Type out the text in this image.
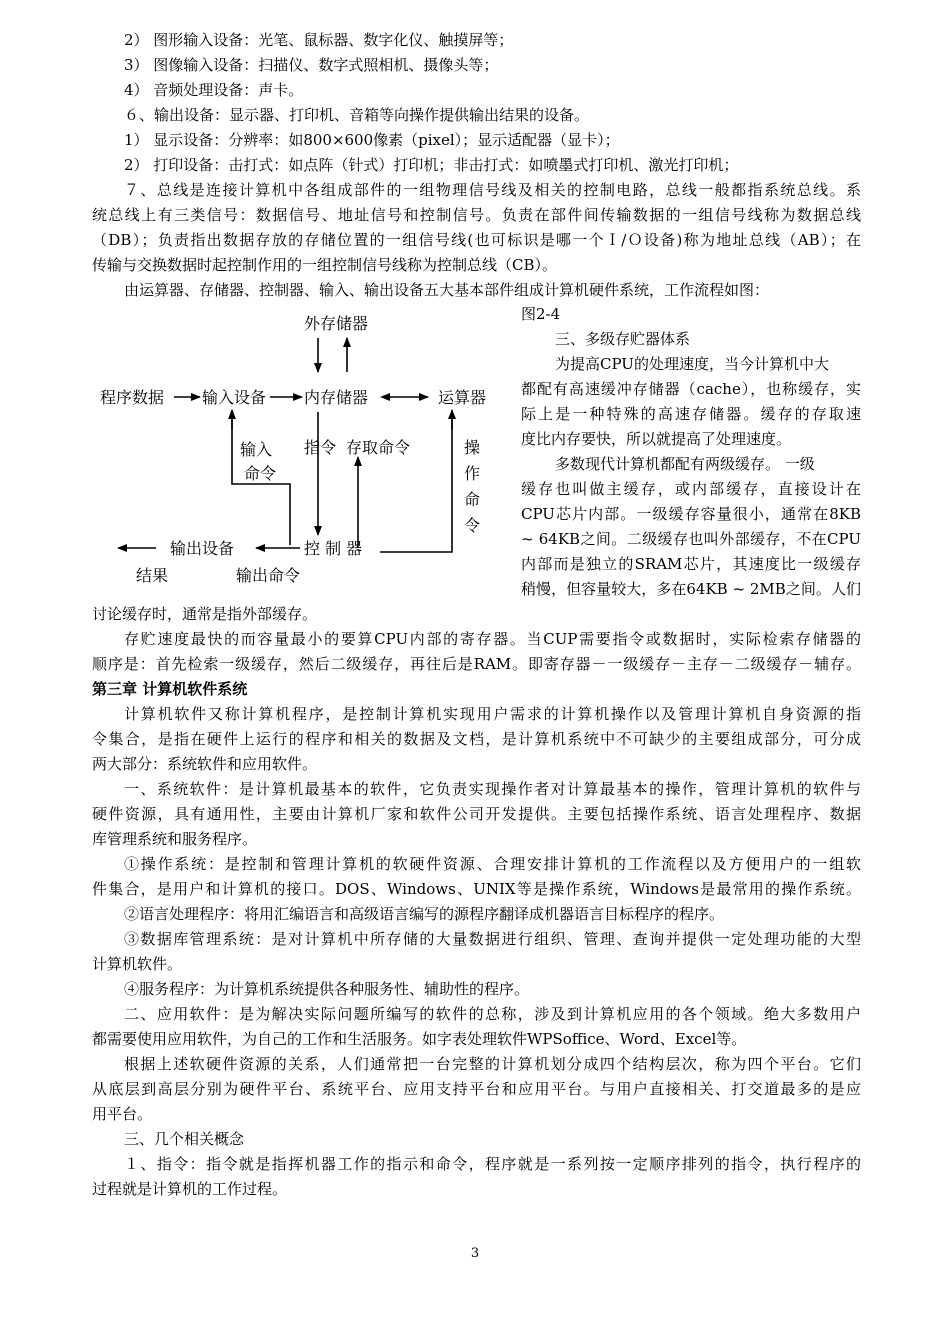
2） 图形输入设备：光笔、鼠标器、数字化仪、触摸屏等；
3） 图像输入设备：扫描仪、数字式照相机、摄像头等；
4） 音频处理设备：声卡。
６、输出设备：显示器、打印机、音箱等向操作提供输出结果的设备。
1） 显示设备：分辨率：如800×600像素（pixel）；显示适配器（显卡）；
2） 打印设备：击打式：如点阵（针式）打印机；非击打式：如喷墨式打印机、激光打印机；
７、总线是连接计算机中各组成部件的一组物理信号线及相关的控制电路，总线一般都指系统总线。系
统总线上有三类信号：数据信号、地址信号和控制信号。负责在部件间传输数据的一组信号线称为数据总线
（DB）；负责指出数据存放的存储位置的一组信号线(也可标识是哪一个Ｉ/Ｏ设备)称为地址总线（AB）；在
传输与交换数据时起控制作用的一组控制信号线称为控制总线（CB）。
由运算器、存储器、控制器、输入、输出设备五大基本部件组成计算机硬件系统，工作流程如图：
外存储器
程序数据 输入设备 内存储器	运算器
输入
命令
指令 存取命令	操
作
命
令
控 制 器
输出设备
结果	输出命令
图2-4
三、多级存贮器体系
为提高CPU的处理速度，当今计算机中大
都配有高速缓冲存储器（cache），也称缓存，实
际上是一种特殊的高速存储器。缓存的存取速
度比内存要快，所以就提高了处理速度。
多数现代计算机都配有两级缓存。 一级
缓存也叫做主缓存，或内部缓存，直接设计在
CPU芯片内部。一级缓存容量很小，通常在8KB
~ 64KB之间。二级缓存也叫外部缓存，不在CPU
内部而是独立的SRAM芯片，其速度比一级缓存
稍慢，但容量较大，多在64KB ~ 2MB之间。人们
讨论缓存时，通常是指外部缓存。
存贮速度最快的而容量最小的要算CPU内部的寄存器。当CUP需要指令或数据时，实际检索存储器的
顺序是：首先检索一级缓存，然后二级缓存，再往后是RAM。即寄存器－一级缓存－主存－二级缓存－辅存。
第三章 计算机软件系统
计算机软件又称计算机程序，是控制计算机实现用户需求的计算机操作以及管理计算机自身资源的指
令集合，是指在硬件上运行的程序和相关的数据及文档，是计算机系统中不可缺少的主要组成部分，可分成
两大部分：系统软件和应用软件。
一、系统软件：是计算机最基本的软件，它负责实现操作者对计算最基本的操作，管理计算机的软件与
硬件资源，具有通用性，主要由计算机厂家和软件公司开发提供。主要包括操作系统、语言处理程序、数据
库管理系统和服务程序。
①操作系统：是控制和管理计算机的软硬件资源、合理安排计算机的工作流程以及方便用户的一组软
件集合，是用户和计算机的接口。DOS、Windows、UNIX等是操作系统，Windows是最常用的操作系统。
②语言处理程序：将用汇编语言和高级语言编写的源程序翻译成机器语言目标程序的程序。
③数据库管理系统：是对计算机中所存储的大量数据进行组织、管理、查询并提供一定处理功能的大型
计算机软件。
④服务程序：为计算机系统提供各种服务性、辅助性的程序。
二、应用软件：是为解决实际问题所编写的软件的总称，涉及到计算机应用的各个领域。绝大多数用户
都需要使用应用软件，为自己的工作和生活服务。如字表处理软件WPSoffice、Word、Excel等。
根据上述软硬件资源的关系，人们通常把一台完整的计算机划分成四个结构层次，称为四个平台。它们
从底层到高层分别为硬件平台、系统平台、应用支持平台和应用平台。与用户直接相关、打交道最多的是应
用平台。
三、几个相关概念
１、指令：指令就是指挥机器工作的指示和命令，程序就是一系列按一定顺序排列的指令，执行程序的
过程就是计算机的工作过程。
3
